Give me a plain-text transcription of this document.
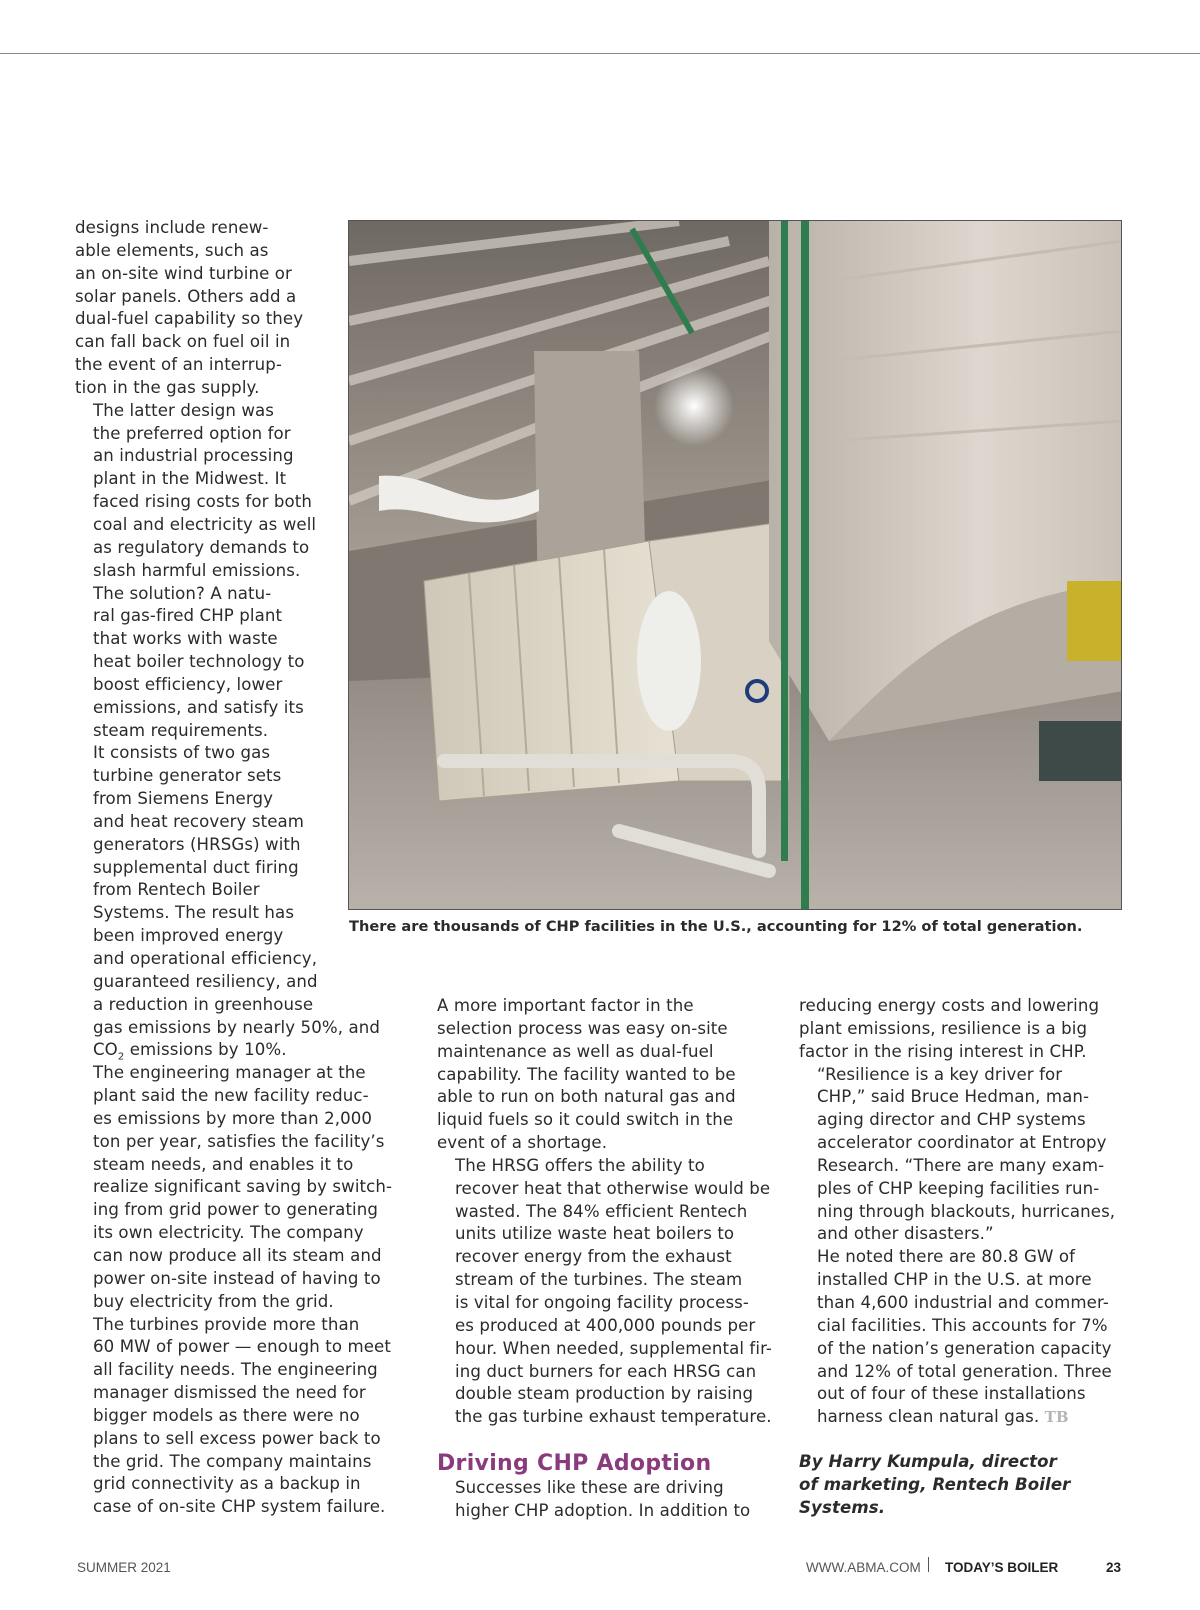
designs include renew-
able elements, such as
an on-site wind turbine or
solar panels. Others add a
dual-fuel capability so they
can fall back on fuel oil in
the event of an interrup-
tion in the gas supply.

The latter design was
the preferred option for
an industrial processing
plant in the Midwest. It
faced rising costs for both
coal and electricity as well
as regulatory demands to
slash harmful emissions.
The solution? A natu-
ral gas-fired CHP plant
that works with waste
heat boiler technology to
boost efficiency, lower
emissions, and satisfy its
steam requirements.

It consists of two gas
turbine generator sets
from Siemens Energy
and heat recovery steam
generators (HRSGs) with
supplemental duct firing
from Rentech Boiler
Systems. The result has
been improved energy
and operational efficiency,
guaranteed resiliency, and
a reduction in greenhouse
gas emissions by nearly 50%, and
$CO_2$ emissions by 10%.

The engineering manager at the
plant said the new facility reduc-
es emissions by more than 2,000
ton per year, satisfies the facility’s
steam needs, and enables it to
realize significant saving by switch-
ing from grid power to generating
its own electricity. The company
can now produce all its steam and
power on-site instead of having to
buy electricity from the grid.

The turbines provide more than
60 MW of power — enough to meet
all facility needs. The engineering
manager dismissed the need for
bigger models as there were no
plans to sell excess power back to
the grid. The company maintains
grid connectivity as a backup in
case of on-site CHP system failure.

There are thousands of CHP facilities in the U.S., accounting for 12% of total generation.

A more important factor in the
selection process was easy on-site
maintenance as well as dual-fuel
capability. The facility wanted to be
able to run on both natural gas and
liquid fuels so it could switch in the
event of a shortage.

The HRSG offers the ability to
recover heat that otherwise would be
wasted. The 84% efficient Rentech
units utilize waste heat boilers to
recover energy from the exhaust
stream of the turbines. The steam
is vital for ongoing facility process-
es produced at 400,000 pounds per
hour. When needed, supplemental fir-
ing duct burners for each HRSG can
double steam production by raising
the gas turbine exhaust temperature.

Driving CHP Adoption

Successes like these are driving
higher CHP adoption. In addition to

reducing energy costs and lowering
plant emissions, resilience is a big
factor in the rising interest in CHP.

“Resilience is a key driver for
CHP,” said Bruce Hedman, man-
aging director and CHP systems
accelerator coordinator at Entropy
Research. “There are many exam-
ples of CHP keeping facilities run-
ning through blackouts, hurricanes,
and other disasters.”

He noted there are 80.8 GW of
installed CHP in the U.S. at more
than 4,600 industrial and commer-
cial facilities. This accounts for 7%
of the nation’s generation capacity
and 12% of total generation. Three
out of four of these installations
harness clean natural gas. TB

By Harry Kumpula, director
of marketing, Rentech Boiler
Systems.

SUMMER 2021	WWW.ABMA.COM TODAY’S BOILER	23
